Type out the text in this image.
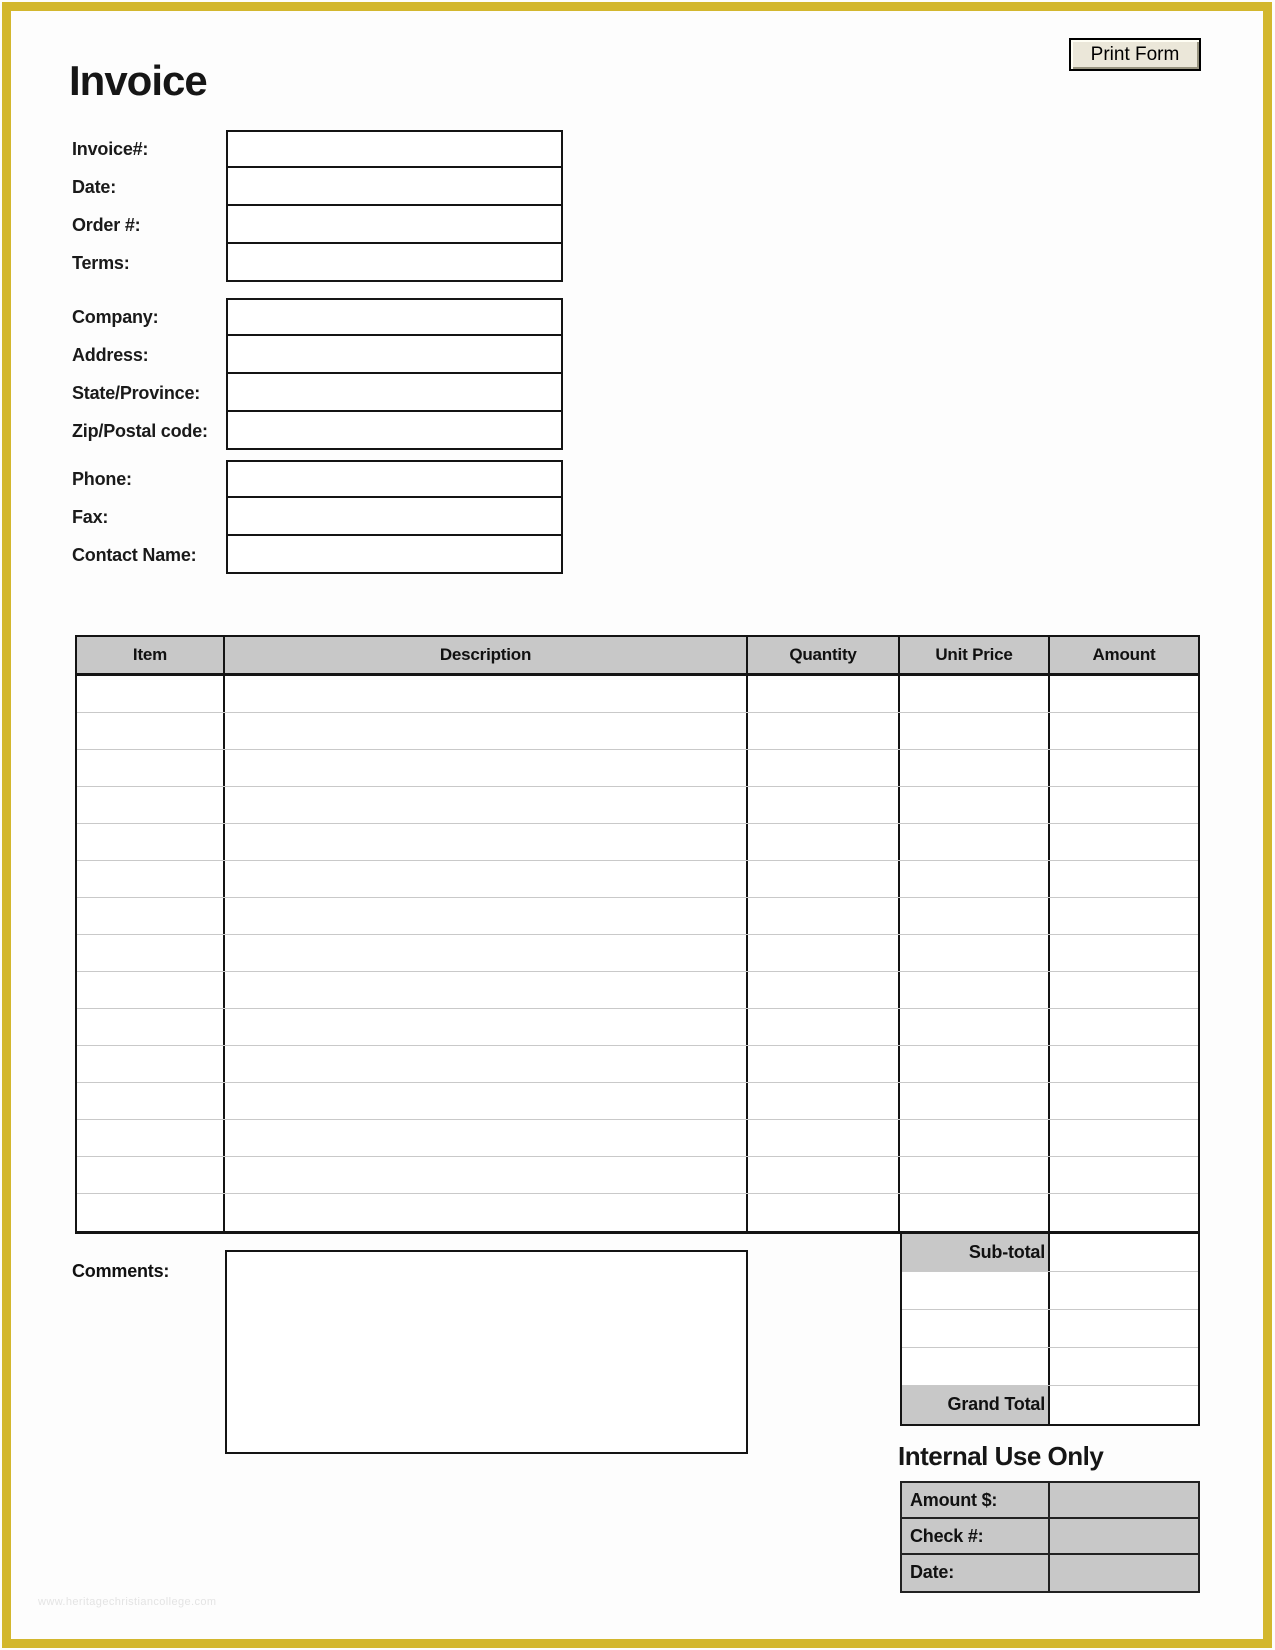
Print Form
Invoice
Invoice#:
Date:
Order #:
Terms:
Company:
Address:
State/Province:
Zip/Postal code:
Phone:
Fax:
Contact Name:
Item	Description	Quantity	Unit Price	Amount
Sub-total
Grand Total
Comments:
Internal Use Only
Amount $:
Check #:
Date:
www.heritagechristiancollege.com
